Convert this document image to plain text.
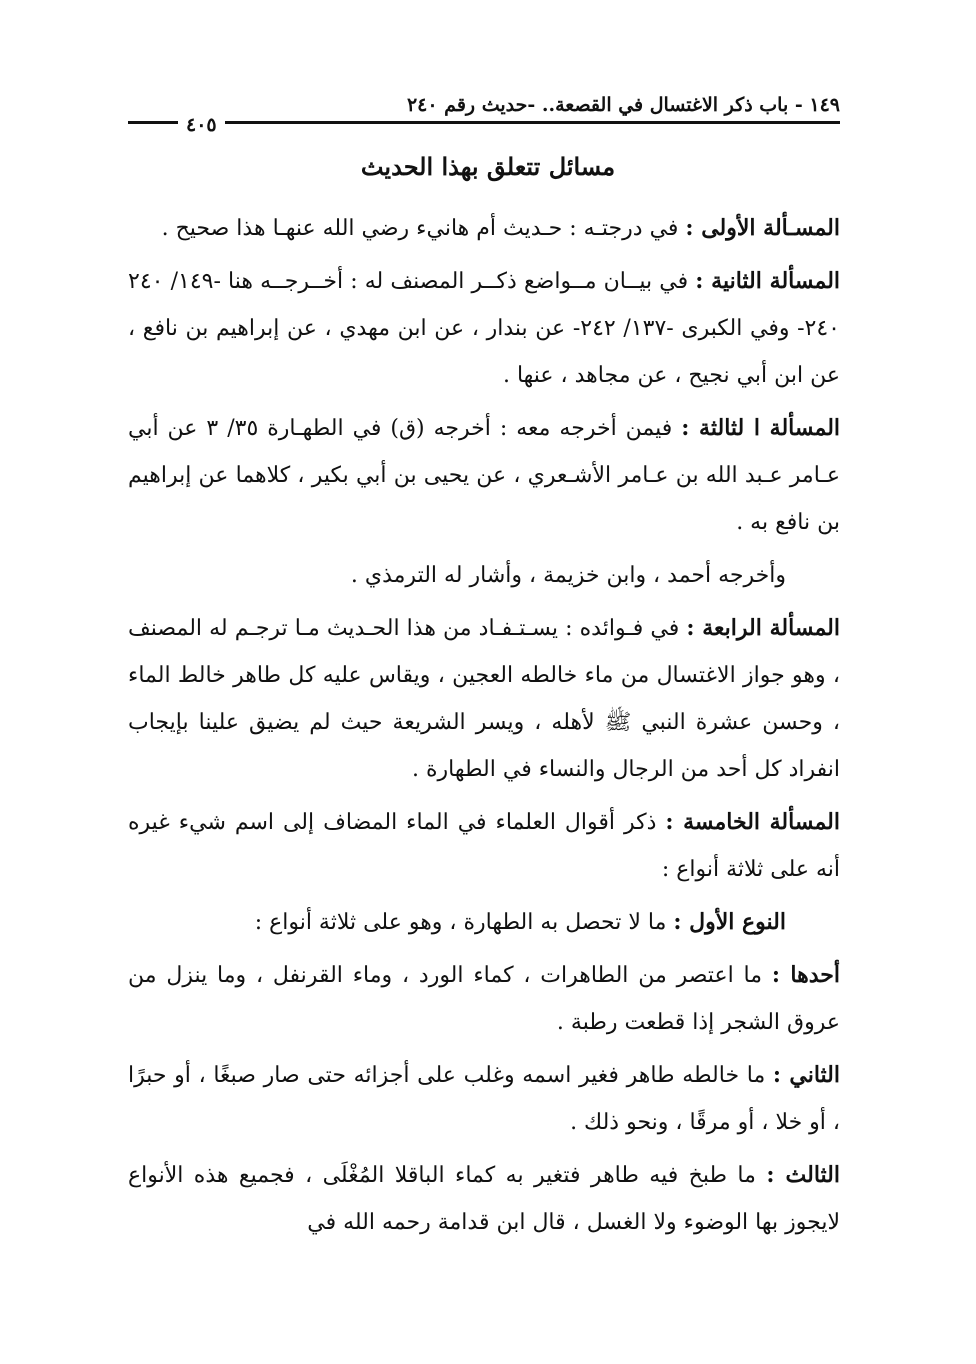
١٤٩ - باب ذكر الاغتسال في القصعة.. -حديث رقم ٢٤٠
٤٠٥
مسائل تتعلق بهذا الحديث

المسـألة الأولى : في درجتـه : حـديث أم هانيء رضي الله عنهـا هذا صحيح .

المسألة الثانية : في بيــان مــواضع ذكــر المصنف له : أخــرجــه هنا -١٤٩/ ٢٤٠ ٢٤٠- وفي الكبرى -١٣٧/ ٢٤٢- عن بندار ، عن ابن مهدي ، عن إبراهيم بن نافع ، عن ابن أبي نجيح ، عن مجاهد ، عنها .

المسألة ا لثالثة : فيمن أخرجه معه : أخرجه (ق) في الطهـارة ٣٥/ ٣ عن أبي عـامر عـبد الله بن عـامر الأشـعري ، عن يحيى بن أبي بكير ، كلاهما عن إبراهيم بن نافع به .

وأخرجه أحمد ، وابن خزيمة ، وأشار له الترمذي .

المسألة الرابعة : في فـوائده : يسـتـفـاد من هذا الحـديث مـا ترجـم له المصنف ، وهو جواز الاغتسال من ماء خالطه العجين ، ويقاس عليه كل طاهر خالط الماء ، وحسن عشرة النبي ﷺ لأهله ، ويسر الشريعة حيث لم يضيق علينا بإيجاب انفراد كل أحد من الرجال والنساء في الطهارة .

المسألة الخامسة : ذكر أقوال العلماء في الماء المضاف إلى اسم شيء غيره أنه على ثلاثة أنواع :

النوع الأول : ما لا تحصل به الطهارة ، وهو على ثلاثة أنواع :

أحدها : ما اعتصر من الطاهرات ، كماء الورد ، وماء القرنفل ، وما ينزل من عروق الشجر إذا قطعت رطبة .

الثاني : ما خالطه طاهر فغير اسمه وغلب على أجزائه حتى صار صبغًا ، أو حبرًا ، أو خلا ، أو مرقًا ، ونحو ذلك .

الثالث : ما طبخ فيه طاهر فتغير به كماء الباقلا المُغْلَى ، فجميع هذه الأنواع لايجوز بها الوضوء ولا الغسل ، قال ابن قدامة رحمه الله في
